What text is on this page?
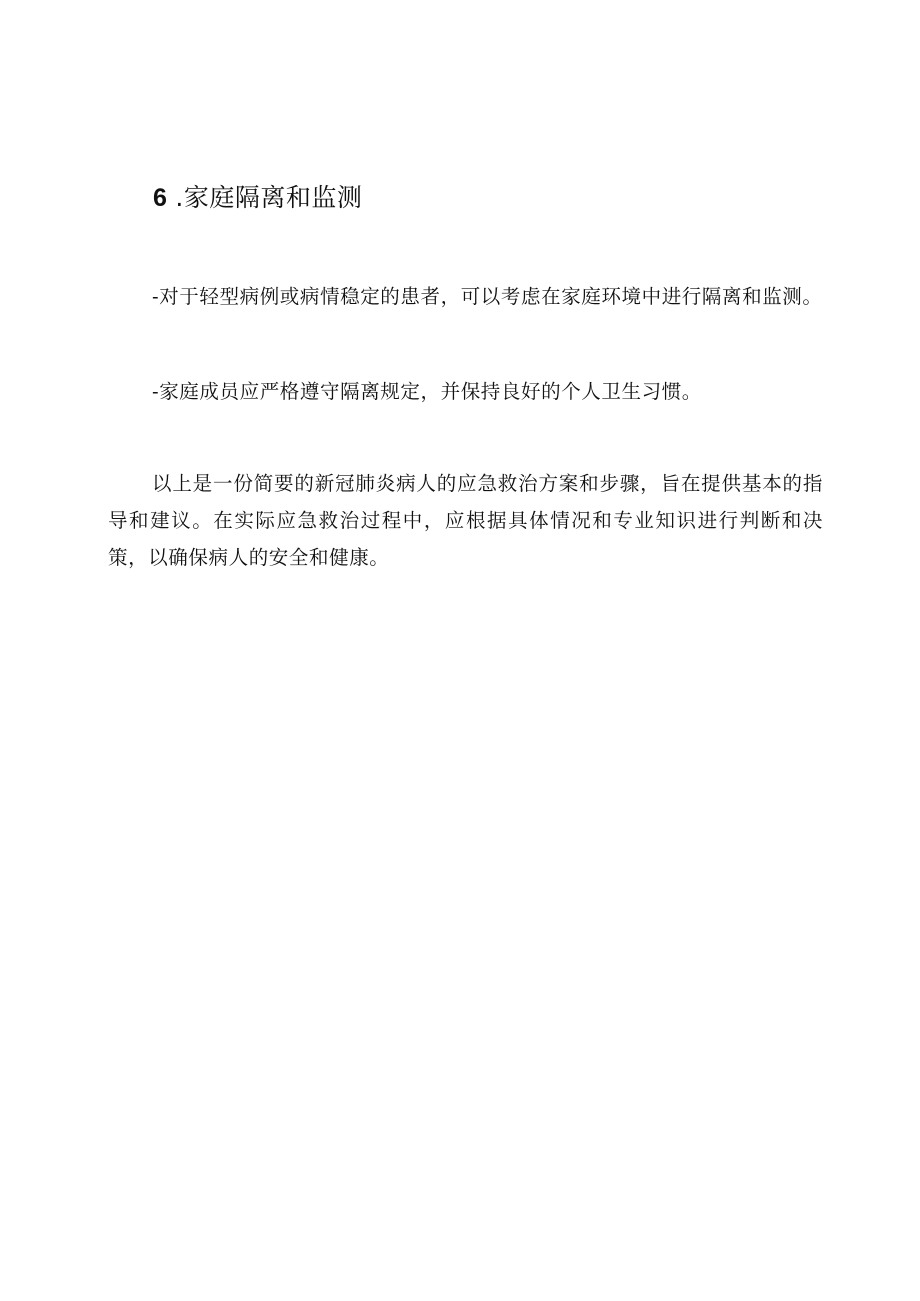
6 .家庭隔离和监测

-对于轻型病例或病情稳定的患者，可以考虑在家庭环境中进行隔离和监测。

-家庭成员应严格遵守隔离规定，并保持良好的个人卫生习惯。

以上是一份简要的新冠肺炎病人的应急救治方案和步骤，旨在提供基本的指导和建议。在实际应急救治过程中，应根据具体情况和专业知识进行判断和决策，以确保病人的安全和健康。
